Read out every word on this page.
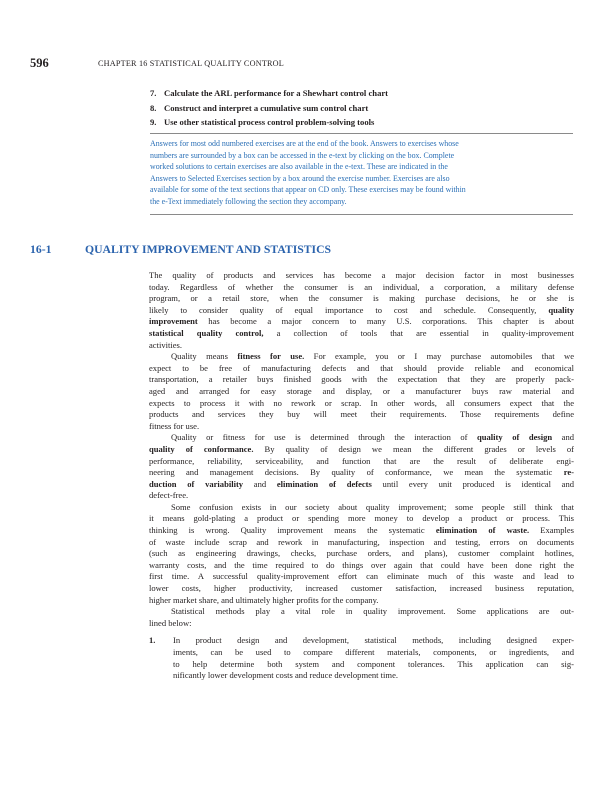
596	CHAPTER 16 STATISTICAL QUALITY CONTROL
7. Calculate the ARL performance for a Shewhart control chart
8. Construct and interpret a cumulative sum control chart
9. Use other statistical process control problem-solving tools
Answers for most odd numbered exercises are at the end of the book. Answers to exercises whose
numbers are surrounded by a box can be accessed in the e-text by clicking on the box. Complete
worked solutions to certain exercises are also available in the e-text. These are indicated in the
Answers to Selected Exercises section by a box around the exercise number. Exercises are also
available for some of the text sections that appear on CD only. These exercises may be found within
the e-Text immediately following the section they accompany.
16-1	QUALITY IMPROVEMENT AND STATISTICS
The quality of products and services has become a major decision factor in most businesses
today. Regardless of whether the consumer is an individual, a corporation, a military defense
program, or a retail store, when the consumer is making purchase decisions, he or she is
likely to consider quality of equal importance to cost and schedule. Consequently, quality
improvement has become a major concern to many U.S. corporations. This chapter is about
statistical quality control, a collection of tools that are essential in quality-improvement
activities.
Quality means fitness for use. For example, you or I may purchase automobiles that we
expect to be free of manufacturing defects and that should provide reliable and economical
transportation, a retailer buys finished goods with the expectation that they are properly pack-
aged and arranged for easy storage and display, or a manufacturer buys raw material and
expects to process it with no rework or scrap. In other words, all consumers expect that the
products and services they buy will meet their requirements. Those requirements define
fitness for use.
Quality or fitness for use is determined through the interaction of quality of design and
quality of conformance. By quality of design we mean the different grades or levels of
performance, reliability, serviceability, and function that are the result of deliberate engi-
neering and management decisions. By quality of conformance, we mean the systematic re-
duction of variability and elimination of defects until every unit produced is identical and
defect-free.
Some confusion exists in our society about quality improvement; some people still think that
it means gold-plating a product or spending more money to develop a product or process. This
thinking is wrong. Quality improvement means the systematic elimination of waste. Examples
of waste include scrap and rework in manufacturing, inspection and testing, errors on documents
(such as engineering drawings, checks, purchase orders, and plans), customer complaint hotlines,
warranty costs, and the time required to do things over again that could have been done right the
first time. A successful quality-improvement effort can eliminate much of this waste and lead to
lower costs, higher productivity, increased customer satisfaction, increased business reputation,
higher market share, and ultimately higher profits for the company.
Statistical methods play a vital role in quality improvement. Some applications are out-
lined below:
1. In product design and development, statistical methods, including designed exper-
iments, can be used to compare different materials, components, or ingredients, and
to help determine both system and component tolerances. This application can sig-
nificantly lower development costs and reduce development time.
